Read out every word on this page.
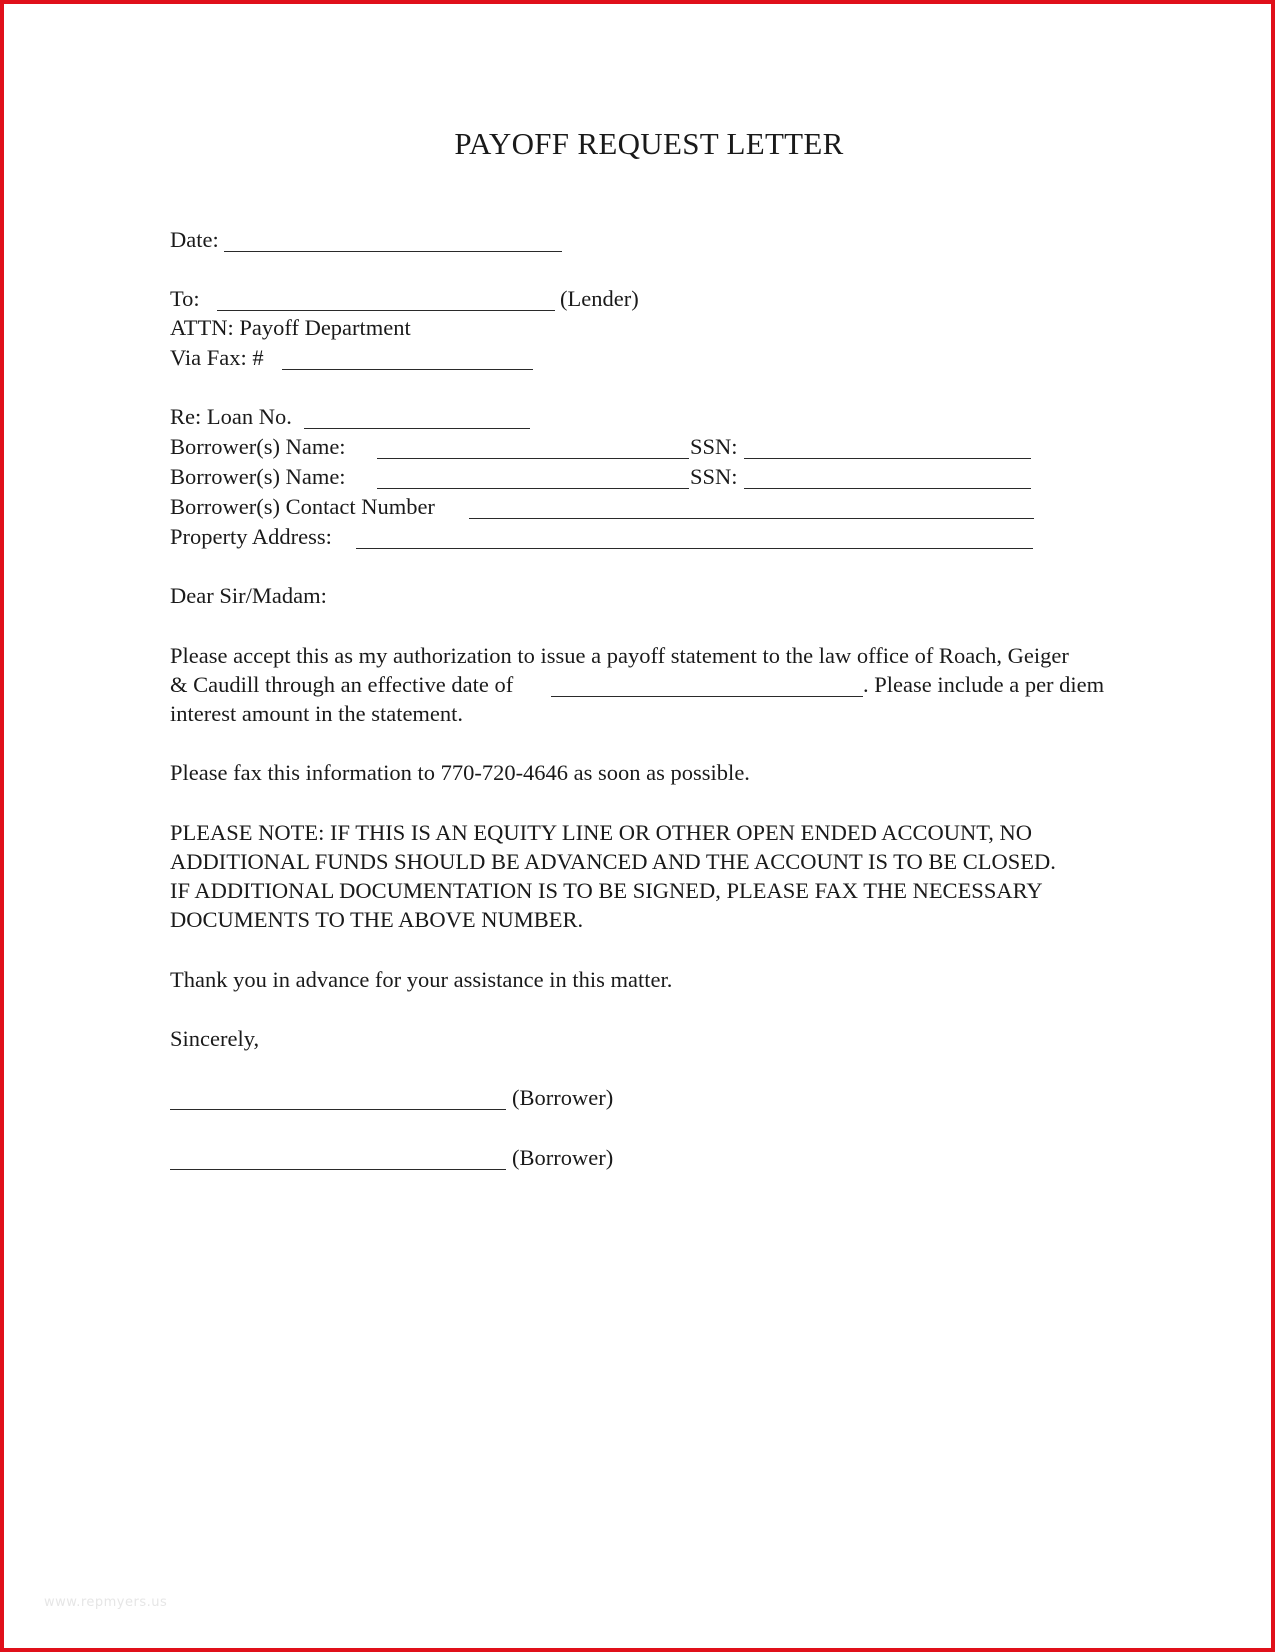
PAYOFF REQUEST LETTER
Date:
To:	(Lender)
ATTN: Payoff Department
Via Fax: #
Re: Loan No.
Borrower(s) Name:	SSN:
Borrower(s) Name:	SSN:
Borrower(s) Contact Number
Property Address:
Dear Sir/Madam:
Please accept this as my authorization to issue a payoff statement to the law office of Roach, Geiger
& Caudill through an effective date of	. Please include a per diem
interest amount in the statement.
Please fax this information to 770-720-4646 as soon as possible.
PLEASE NOTE: IF THIS IS AN EQUITY LINE OR OTHER OPEN ENDED ACCOUNT, NO
ADDITIONAL FUNDS SHOULD BE ADVANCED AND THE ACCOUNT IS TO BE CLOSED.
IF ADDITIONAL DOCUMENTATION IS TO BE SIGNED, PLEASE FAX THE NECESSARY
DOCUMENTS TO THE ABOVE NUMBER.
Thank you in advance for your assistance in this matter.
Sincerely,
(Borrower)
(Borrower)
www.repmyers.us
